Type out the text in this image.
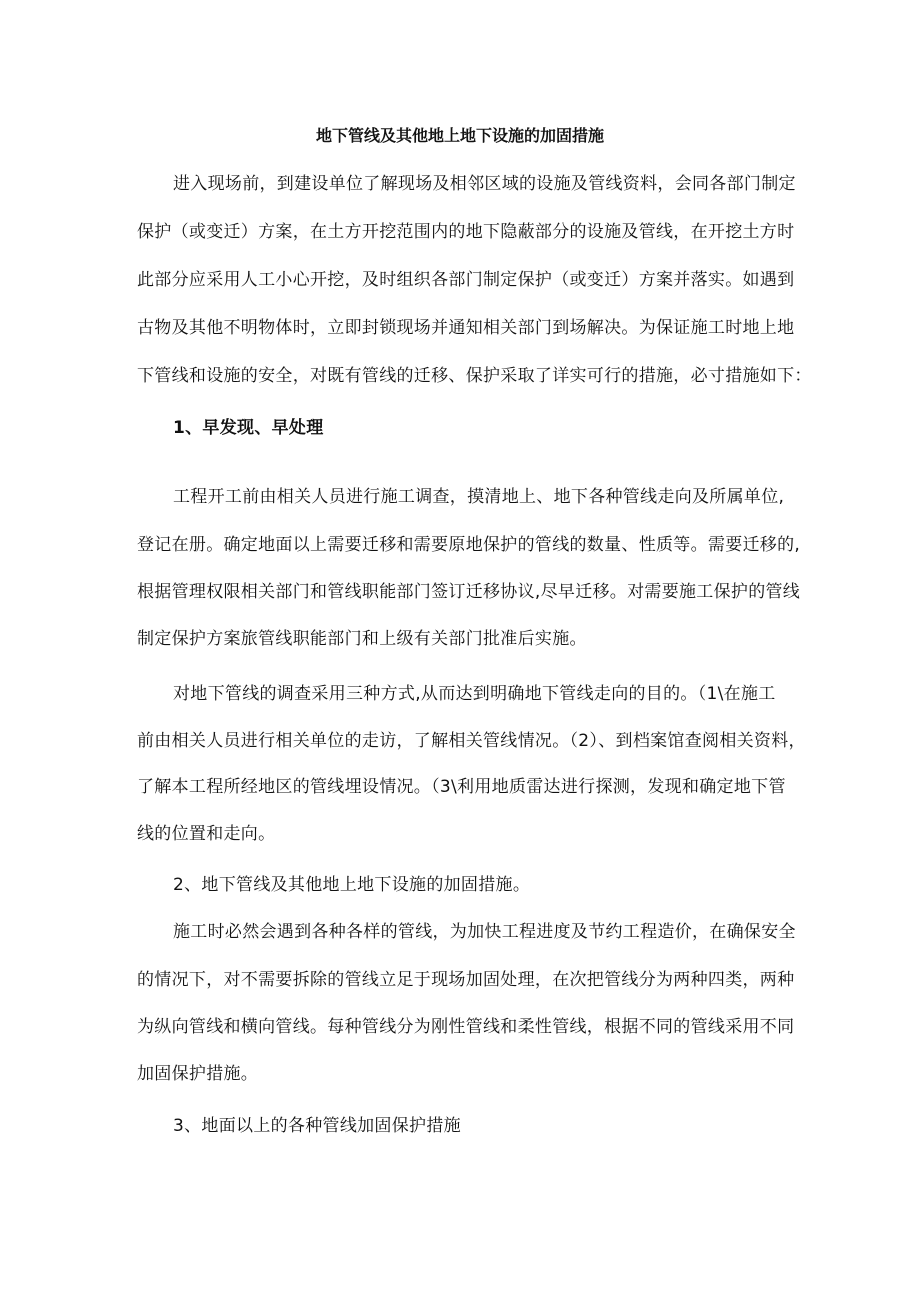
地下管线及其他地上地下设施的加固措施
进入现场前，到建设单位了解现场及相邻区域的设施及管线资料，会同各部门制定
保护（或变迁）方案，在土方开挖范围内的地下隐蔽部分的设施及管线，在开挖土方时
此部分应采用人工小心开挖，及时组织各部门制定保护（或变迁）方案并落实。如遇到
古物及其他不明物体时，立即封锁现场并通知相关部门到场解决。为保证施工时地上地
下管线和设施的安全，对既有管线的迁移、保护采取了详实可行的措施，必寸措施如下：
1、早发现、早处理
工程开工前由相关人员进行施工调查，摸清地上、地下各种管线走向及所属单位,
登记在册。确定地面以上需要迁移和需要原地保护的管线的数量、性质等。需要迁移的,
根据管理权限相关部门和管线职能部门签订迁移协议,尽早迁移。对需要施工保护的管线
制定保护方案旅管线职能部门和上级有关部门批准后实施。
对地下管线的调查采用三种方式,从而达到明确地下管线走向的目的。（1\在施工
前由相关人员进行相关单位的走访，了解相关管线情况。（2）、到档案馆查阅相关资料，
了解本工程所经地区的管线埋设情况。（3\利用地质雷达进行探测，发现和确定地下管
线的位置和走向。
2、地下管线及其他地上地下设施的加固措施。
施工时必然会遇到各种各样的管线，为加快工程进度及节约工程造价，在确保安全
的情况下，对不需要拆除的管线立足于现场加固处理，在次把管线分为两种四类，两种
为纵向管线和横向管线。每种管线分为刚性管线和柔性管线，根据不同的管线采用不同
加固保护措施。
3、地面以上的各种管线加固保护措施
